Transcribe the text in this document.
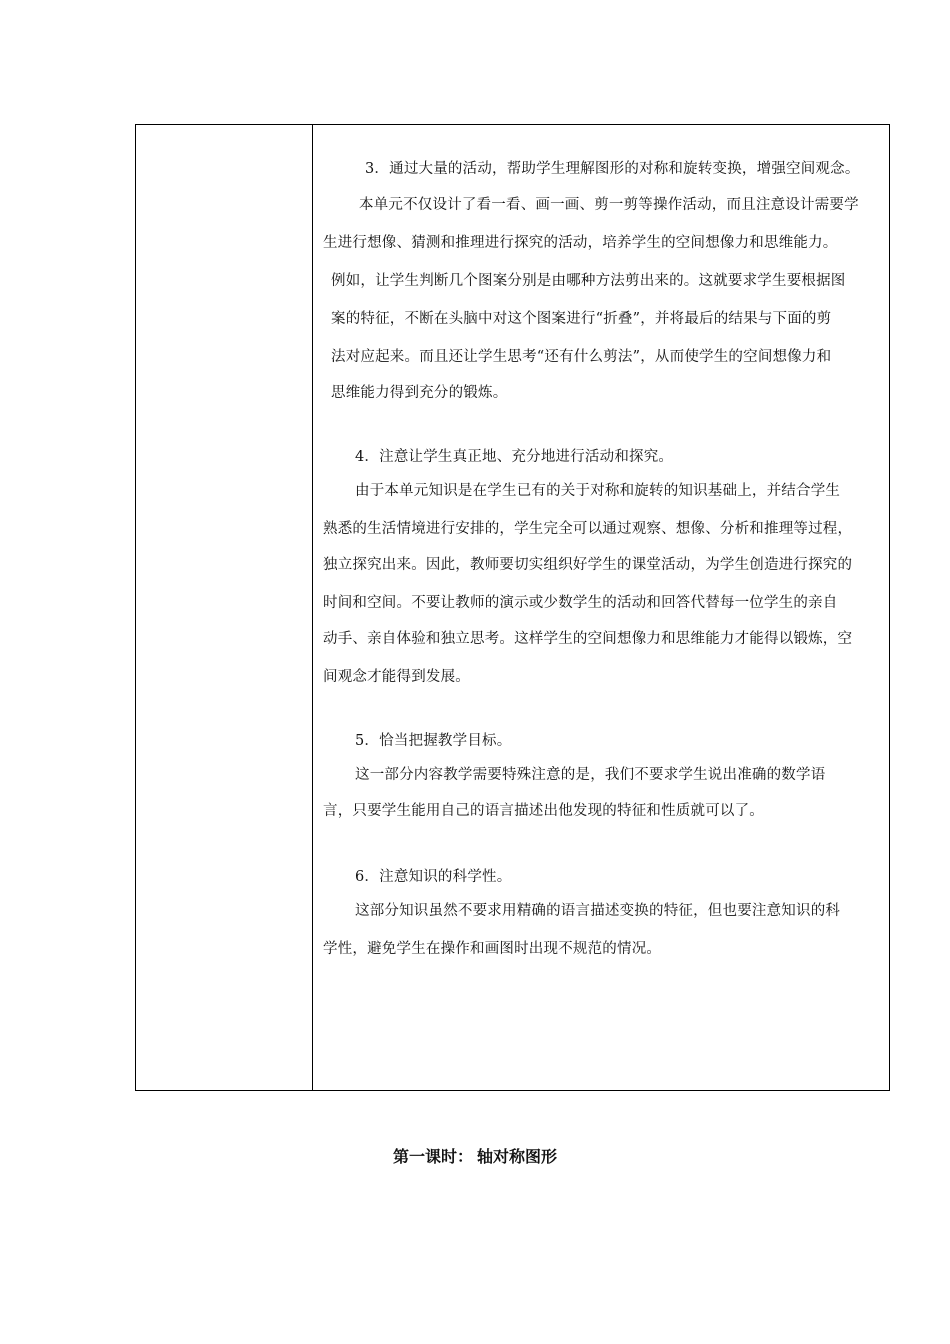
3．通过大量的活动，帮助学生理解图形的对称和旋转变换，增强空间观念。
本单元不仅设计了看一看、画一画、剪一剪等操作活动，而且注意设计需要学
生进行想像、猜测和推理进行探究的活动，培养学生的空间想像力和思维能力。
例如，让学生判断几个图案分别是由哪种方法剪出来的。这就要求学生要根据图
案的特征，不断在头脑中对这个图案进行“折叠”，并将最后的结果与下面的剪
法对应起来。而且还让学生思考“还有什么剪法”，从而使学生的空间想像力和
思维能力得到充分的锻炼。
4．注意让学生真正地、充分地进行活动和探究。
由于本单元知识是在学生已有的关于对称和旋转的知识基础上，并结合学生
熟悉的生活情境进行安排的，学生完全可以通过观察、想像、分析和推理等过程，
独立探究出来。因此，教师要切实组织好学生的课堂活动，为学生创造进行探究的
时间和空间。不要让教师的演示或少数学生的活动和回答代替每一位学生的亲自
动手、亲自体验和独立思考。这样学生的空间想像力和思维能力才能得以锻炼，空
间观念才能得到发展。
5．恰当把握教学目标。
这一部分内容教学需要特殊注意的是，我们不要求学生说出准确的数学语
言，只要学生能用自己的语言描述出他发现的特征和性质就可以了。
6．注意知识的科学性。
这部分知识虽然不要求用精确的语言描述变换的特征，但也要注意知识的科
学性，避免学生在操作和画图时出现不规范的情况。
第一课时： 轴对称图形
